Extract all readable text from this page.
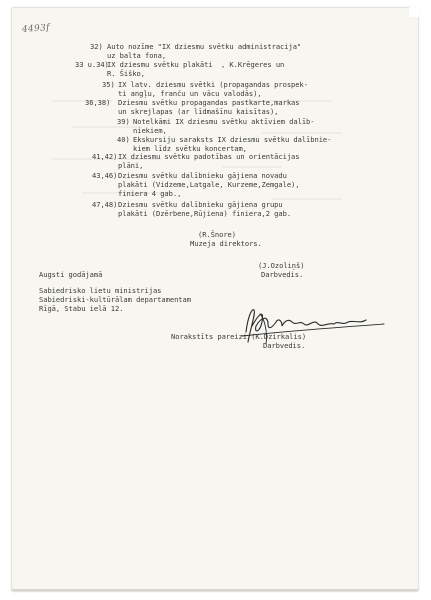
4493f
32) Auto nozīme "IX dziesmu svētku administracija"
uz balta fona,
33 u.34)
IX dziesmu svētku plakāti  , K.Krēgeres un
R. Šiško,
35) IX latv. dziesmu svētki (propagandas prospek-
ti angļu, franču un vācu valodās),
36,38) Dziesmu svētku propagandas pastkarte,markas
un skrejlapas (ar līdmašīnu kaisītas),
39) Notelkāmi IX dziesmu svētku aktīviem dalīb-
niekiem,
40) Ekskursiju saraksts IX dziesmu svētku dalībnie-
kiem līdz svētku koncertam,
41,42) IX dziesmu svētku padotības un orientācijas
plāni,
43,46) Dziesmu svētku dalībnieku gājiena novadu
plakāti (Vidzeme,Latgale, Kurzeme,Zemgale),
finiera 4 gab.,
47,48) Dziesmu svētku dalībnieku gājiena grupu
plakāti (Dzērbene,Rūjiena) finiera,2 gab.
(R.Šnore)
Muzeja direktors.
(J.Ozoliņš)
Darbvedis.
Augsti godājamā
Sabiedrisko lietu ministrijas
Sabiedriski-kultūrālam departamentam
Rīgā, Stabu ielā 12.
Norakstīts pareizi (K.Dzirkalis)
Darbvedis.
